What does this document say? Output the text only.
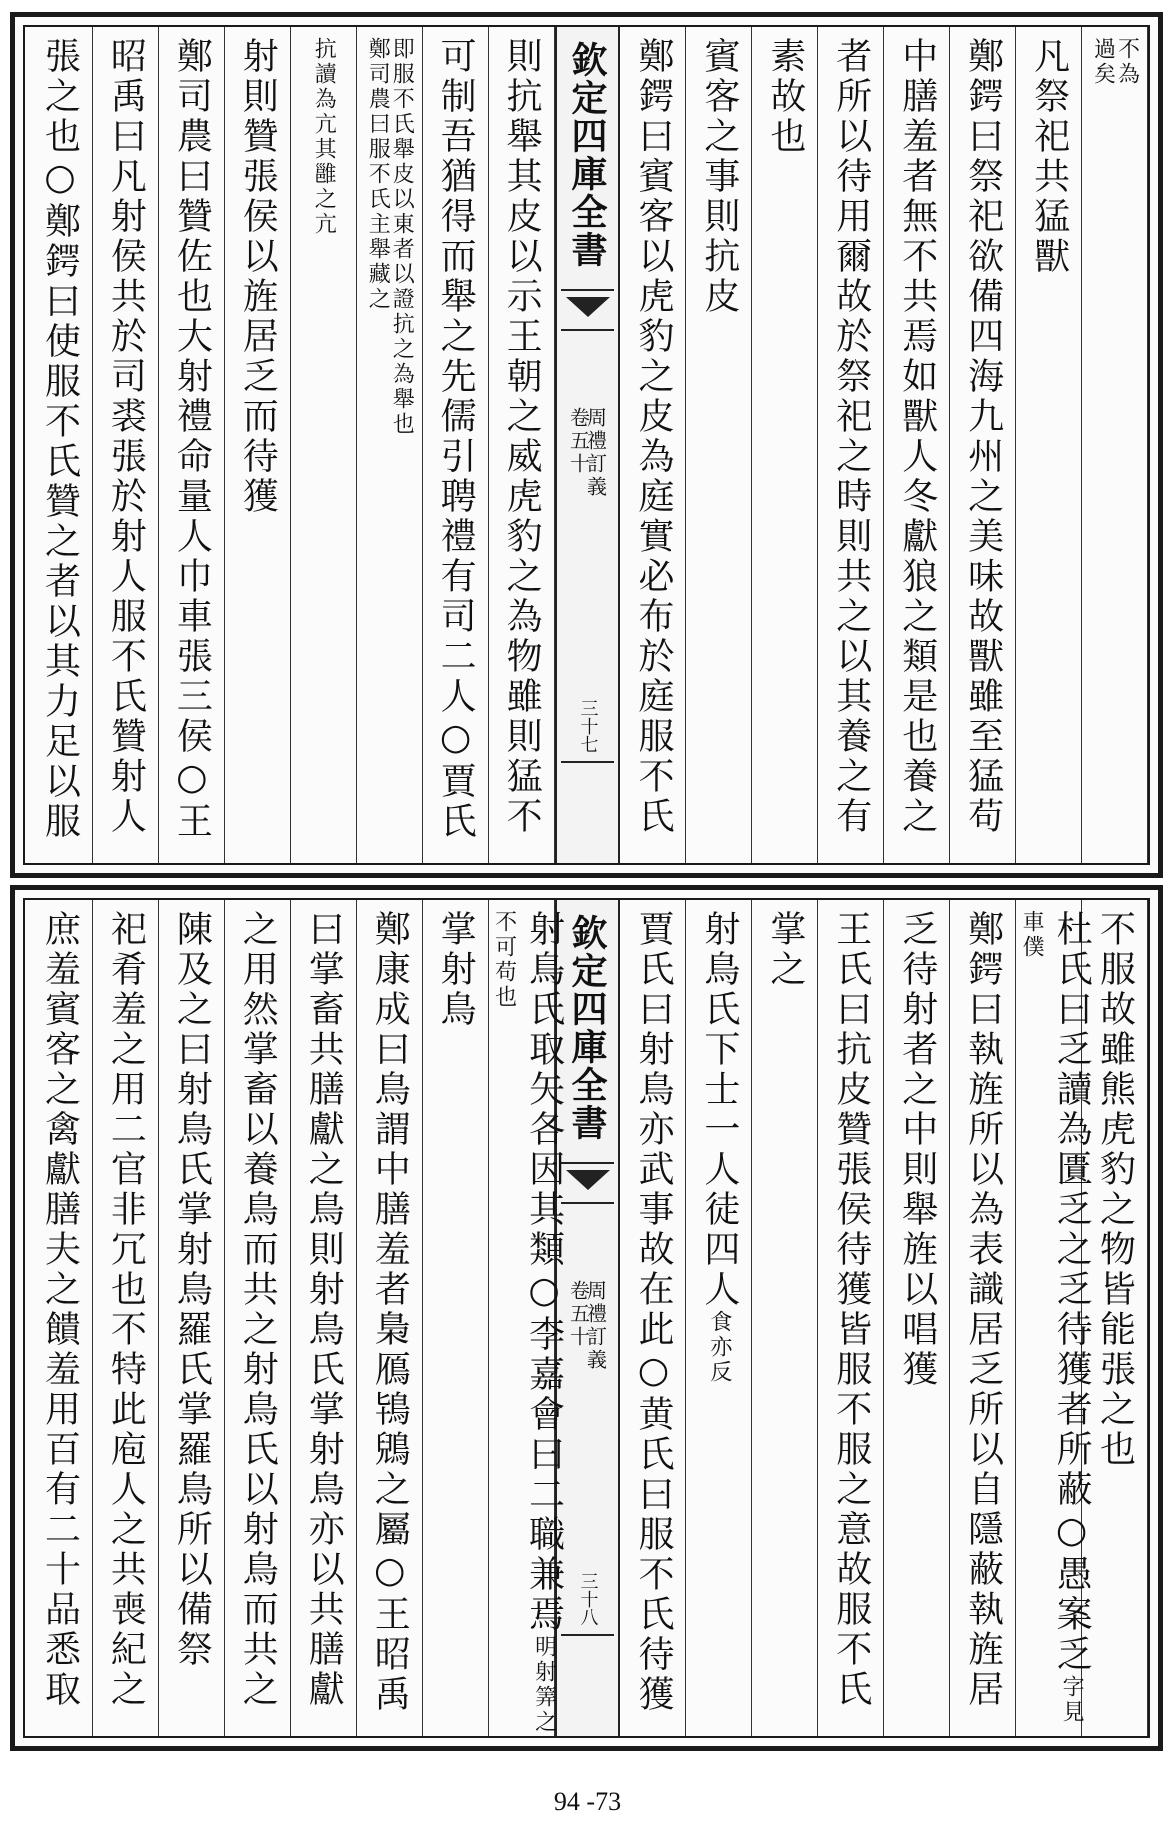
不為
過矣
凡祭祀共猛獸
鄭鍔曰祭祀欲備四海九州之美味故獸雖至猛苟
中膳羞者無不共焉如獸人冬獻狼之類是也養之
者所以待用爾故於祭祀之時則共之以其養之有
素故也
賓客之事則抗皮
鄭鍔曰賓客以虎豹之皮為庭實必布於庭服不氏
欽定四庫全書
周禮訂義
卷五十
三十七
則抗舉其皮以示王朝之威虎豹之為物雖則猛不
可制吾猶得而舉之先儒引聘禮有司二人○賈氏
即服不氏舉皮以東者以證抗之為舉也
鄭司農曰服不氏主舉藏之
抗讀為亢其雝之亢
射則贊張侯以旌居乏而待獲
鄭司農曰贊佐也大射禮命量人巾車張三侯○王
昭禹曰凡射侯共於司裘張於射人服不氏贊射人
張之也○鄭鍔曰使服不氏贊之者以其力足以服
不服故雖熊虎豹之物皆能張之也
杜氏曰乏讀為匱乏之乏待獲者所蔽○愚案乏字見車僕
鄭鍔曰執旌所以為表識居乏所以自隱蔽執旌居
乏待射者之中則舉旌以唱獲
王氏曰抗皮贊張侯待獲皆服不服之意故服不氏
掌之
射鳥氏下士一人徒四人食亦反
賈氏曰射鳥亦武事故在此○黄氏曰服不氏待獲
欽定四庫全書
周禮訂義
卷五十
三十八
射鳥氏取矢各因其類○李嘉會曰二職兼焉明射筭之不可苟也
掌射鳥
鄭康成曰鳥謂中膳羞者梟鴈鴇鶂之屬○王昭禹
曰掌畜共膳獻之鳥則射鳥氏掌射鳥亦以共膳獻
之用然掌畜以養鳥而共之射鳥氏以射鳥而共之
陳及之曰射鳥氏掌射鳥羅氏掌羅鳥所以備祭
祀肴羞之用二官非冗也不特此庖人之共喪紀之
庶羞賓客之禽獻膳夫之饋羞用百有二十品悉取
94 -73
